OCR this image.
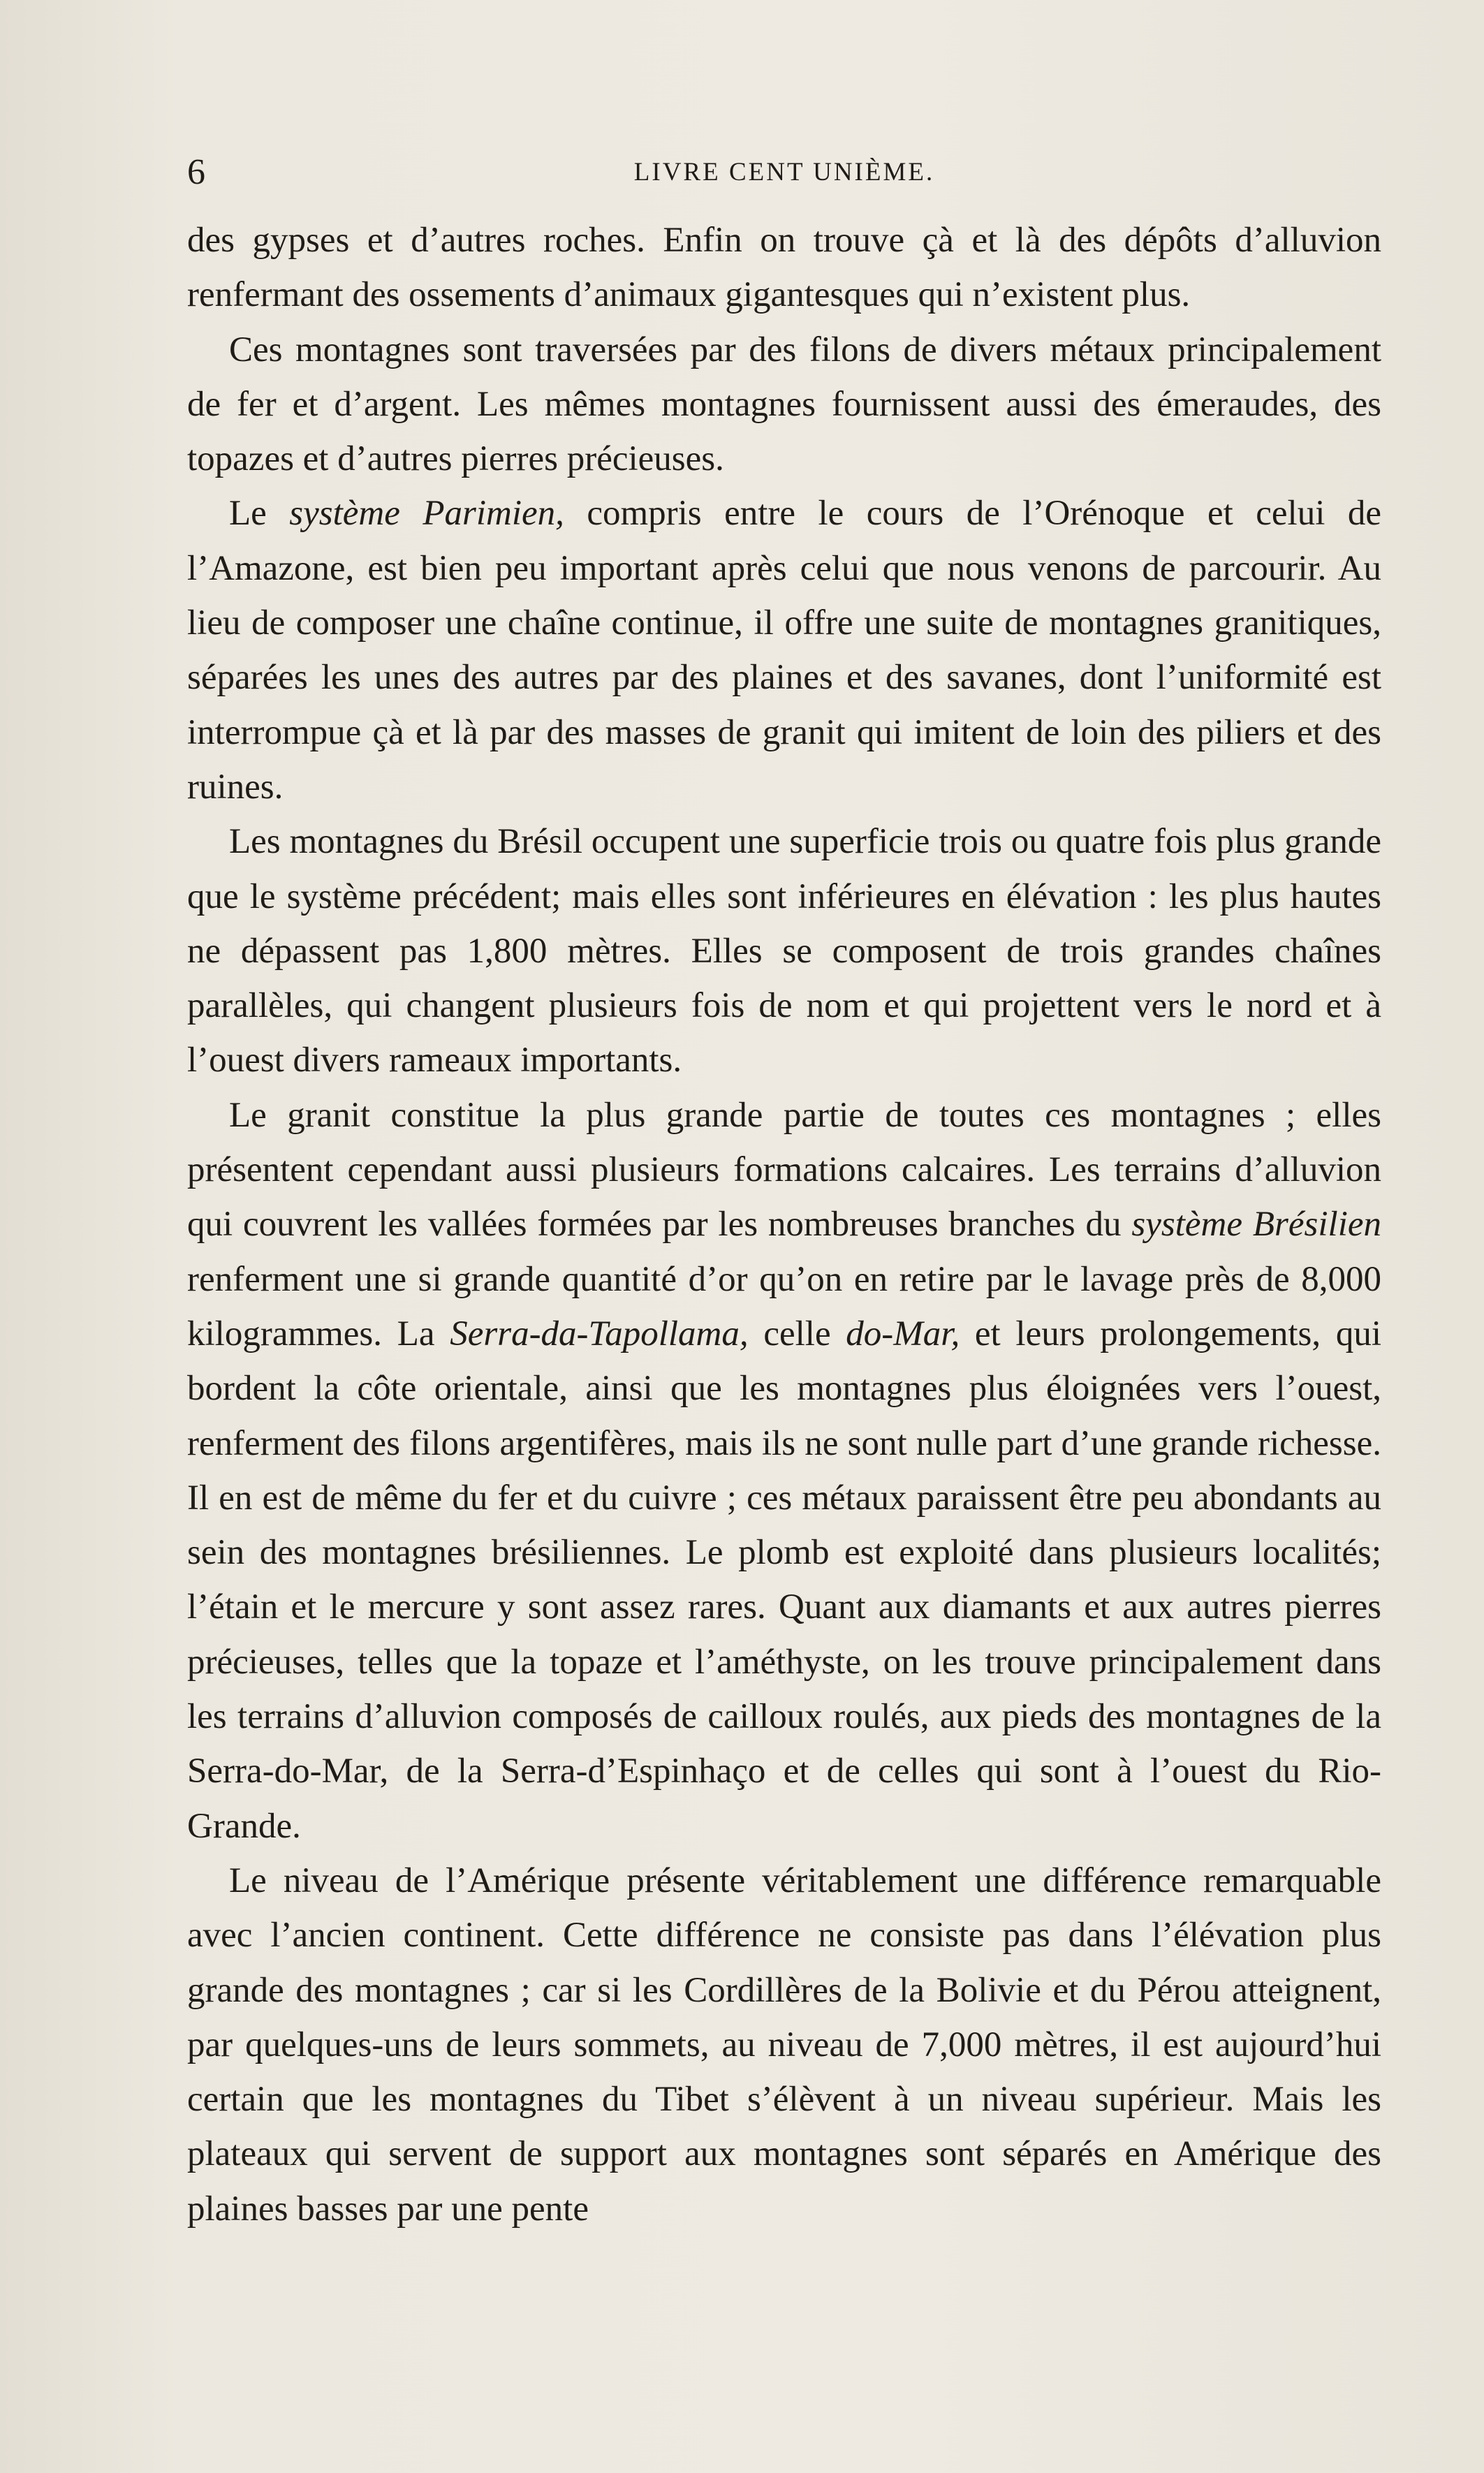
6	LIVRE CENT UNIÈME.

des gypses et d’autres roches. Enfin on trouve çà et là des dépôts d’alluvion renfermant des ossements d’animaux gigantesques qui n’existent plus.

Ces montagnes sont traversées par des filons de divers métaux principalement de fer et d’argent. Les mêmes montagnes fournissent aussi des émeraudes, des topazes et d’autres pierres précieuses.

Le système Parimien, compris entre le cours de l’Orénoque et celui de l’Amazone, est bien peu important après celui que nous venons de parcourir. Au lieu de composer une chaîne continue, il offre une suite de montagnes granitiques, séparées les unes des autres par des plaines et des savanes, dont l’uniformité est interrompue çà et là par des masses de granit qui imitent de loin des piliers et des ruines.

Les montagnes du Brésil occupent une superficie trois ou quatre fois plus grande que le système précédent; mais elles sont inférieures en élévation : les plus hautes ne dépassent pas 1,800 mètres. Elles se composent de trois grandes chaînes parallèles, qui changent plusieurs fois de nom et qui projettent vers le nord et à l’ouest divers rameaux importants.

Le granit constitue la plus grande partie de toutes ces montagnes ; elles présentent cependant aussi plusieurs formations calcaires. Les terrains d’alluvion qui couvrent les vallées formées par les nombreuses branches du système Brésilien renferment une si grande quantité d’or qu’on en retire par le lavage près de 8,000 kilogrammes. La Serra-da-Tapollama, celle do-Mar, et leurs prolongements, qui bordent la côte orientale, ainsi que les montagnes plus éloignées vers l’ouest, renferment des filons argentifères, mais ils ne sont nulle part d’une grande richesse. Il en est de même du fer et du cuivre ; ces métaux paraissent être peu abondants au sein des montagnes brésiliennes. Le plomb est exploité dans plusieurs localités; l’étain et le mercure y sont assez rares. Quant aux diamants et aux autres pierres précieuses, telles que la topaze et l’améthyste, on les trouve principalement dans les terrains d’alluvion composés de cailloux roulés, aux pieds des montagnes de la Serra-do-Mar, de la Serra-d’Espinhaço et de celles qui sont à l’ouest du Rio-Grande.

Le niveau de l’Amérique présente véritablement une différence remarquable avec l’ancien continent. Cette différence ne consiste pas dans l’élévation plus grande des montagnes ; car si les Cordillères de la Bolivie et du Pérou atteignent, par quelques-uns de leurs sommets, au niveau de 7,000 mètres, il est aujourd’hui certain que les montagnes du Tibet s’élèvent à un niveau supérieur. Mais les plateaux qui servent de support aux montagnes sont séparés en Amérique des plaines basses par une pente
